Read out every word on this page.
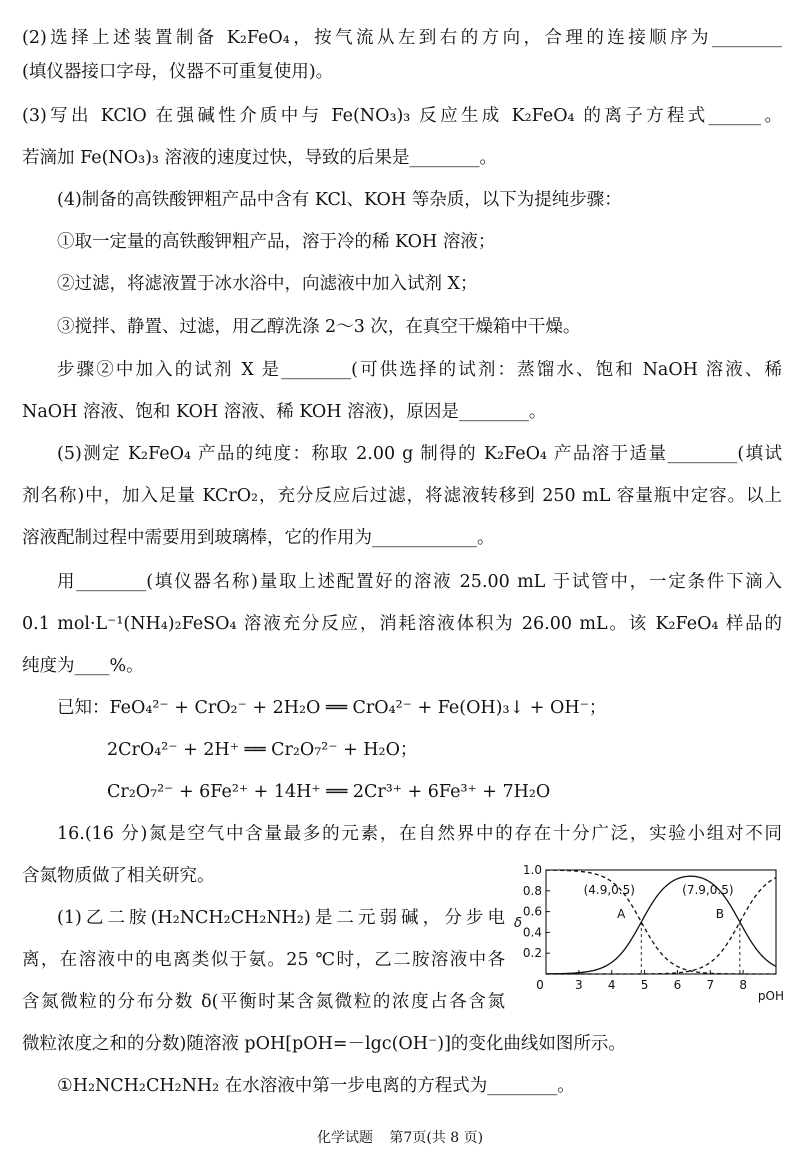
(2)选择上述装置制备 K₂FeO₄，按气流从左到右的方向，合理的连接顺序为________
(填仪器接口字母，仪器不可重复使用)。
(3)写出 KClO 在强碱性介质中与 Fe(NO₃)₃ 反应生成 K₂FeO₄ 的离子方程式______。
若滴加 Fe(NO₃)₃ 溶液的速度过快，导致的后果是________。
(4)制备的高铁酸钾粗产品中含有 KCl、KOH 等杂质，以下为提纯步骤：
①取一定量的高铁酸钾粗产品，溶于冷的稀 KOH 溶液；
②过滤，将滤液置于冰水浴中，向滤液中加入试剂 X；
③搅拌、静置、过滤，用乙醇洗涤 2～3 次，在真空干燥箱中干燥。
步骤②中加入的试剂 X 是________(可供选择的试剂：蒸馏水、饱和 NaOH 溶液、稀
NaOH 溶液、饱和 KOH 溶液、稀 KOH 溶液)，原因是________。
(5)测定 K₂FeO₄ 产品的纯度：称取 2.00 g 制得的 K₂FeO₄ 产品溶于适量________(填试
剂名称)中，加入足量 KCrO₂，充分反应后过滤，将滤液转移到 250 mL 容量瓶中定容。以上
溶液配制过程中需要用到玻璃棒，它的作用为____________。
用________(填仪器名称)量取上述配置好的溶液 25.00 mL 于试管中，一定条件下滴入
0.1 mol·L⁻¹(NH₄)₂FeSO₄ 溶液充分反应，消耗溶液体积为 26.00 mL。该 K₂FeO₄ 样品的
纯度为____%。
已知：FeO₄²⁻ + CrO₂⁻ + 2H₂O ══ CrO₄²⁻ + Fe(OH)₃↓ + OH⁻；
2CrO₄²⁻ + 2H⁺ ══ Cr₂O₇²⁻ + H₂O；
Cr₂O₇²⁻ + 6Fe²⁺ + 14H⁺ ══ 2Cr³⁺ + 6Fe³⁺ + 7H₂O
16.(16 分)氮是空气中含量最多的元素，在自然界中的存在十分广泛，实验小组对不同
含氮物质做了相关研究。
(1)乙二胺(H₂NCH₂CH₂NH₂)是二元弱碱，分步电
离，在溶液中的电离类似于氨。25 ℃时，乙二胺溶液中各
含氮微粒的分布分数 δ(平衡时某含氮微粒的浓度占各含氮
微粒浓度之和的分数)随溶液 pOH[pOH=－lgc(OH⁻)]的变化曲线如图所示。
①H₂NCH₂CH₂NH₂ 在水溶液中第一步电离的方程式为________。
0.2
0.4
0.6
0.8
1.0
0	3 4 5 6 7 8
pOH
δ
A
(4.9,0.5)
B
(7.9,0.5)
化学试题 第7页(共 8 页)
